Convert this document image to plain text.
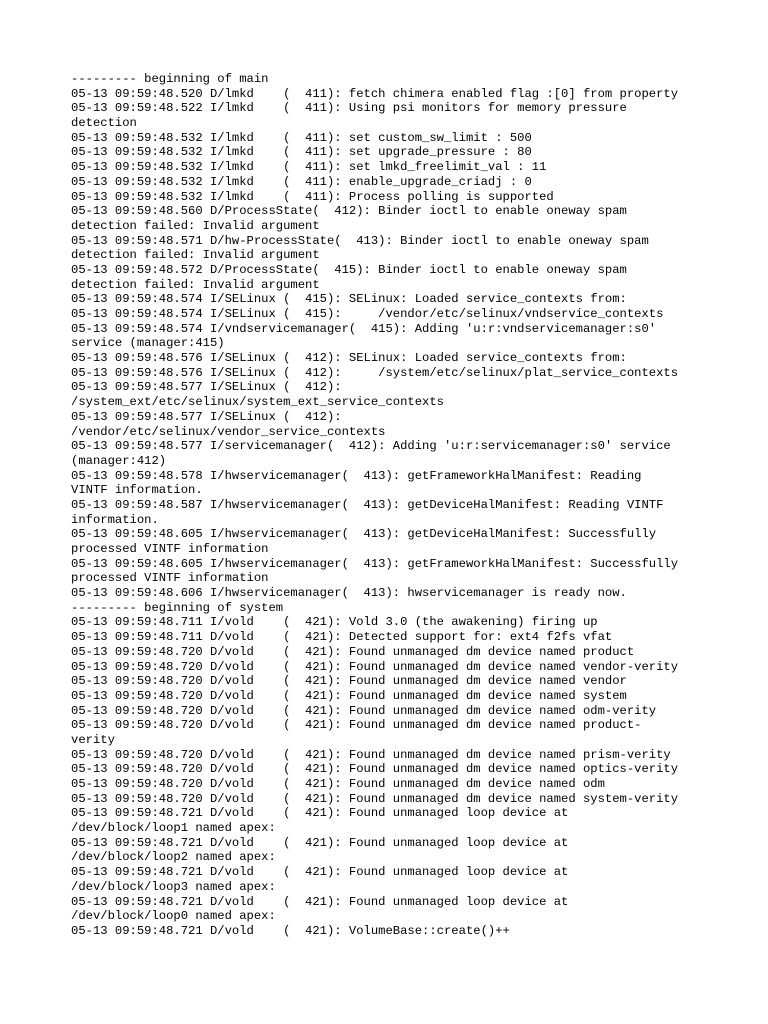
--------- beginning of main
05-13 09:59:48.520 D/lmkd    (  411): fetch chimera enabled flag :[0] from property
05-13 09:59:48.522 I/lmkd    (  411): Using psi monitors for memory pressure
detection
05-13 09:59:48.532 I/lmkd    (  411): set custom_sw_limit : 500
05-13 09:59:48.532 I/lmkd    (  411): set upgrade_pressure : 80
05-13 09:59:48.532 I/lmkd    (  411): set lmkd_freelimit_val : 11
05-13 09:59:48.532 I/lmkd    (  411): enable_upgrade_criadj : 0
05-13 09:59:48.532 I/lmkd    (  411): Process polling is supported
05-13 09:59:48.560 D/ProcessState(  412): Binder ioctl to enable oneway spam
detection failed: Invalid argument
05-13 09:59:48.571 D/hw-ProcessState(  413): Binder ioctl to enable oneway spam
detection failed: Invalid argument
05-13 09:59:48.572 D/ProcessState(  415): Binder ioctl to enable oneway spam
detection failed: Invalid argument
05-13 09:59:48.574 I/SELinux (  415): SELinux: Loaded service_contexts from:
05-13 09:59:48.574 I/SELinux (  415):     /vendor/etc/selinux/vndservice_contexts
05-13 09:59:48.574 I/vndservicemanager(  415): Adding 'u:r:vndservicemanager:s0'
service (manager:415)
05-13 09:59:48.576 I/SELinux (  412): SELinux: Loaded service_contexts from:
05-13 09:59:48.576 I/SELinux (  412):     /system/etc/selinux/plat_service_contexts
05-13 09:59:48.577 I/SELinux (  412):
/system_ext/etc/selinux/system_ext_service_contexts
05-13 09:59:48.577 I/SELinux (  412):
/vendor/etc/selinux/vendor_service_contexts
05-13 09:59:48.577 I/servicemanager(  412): Adding 'u:r:servicemanager:s0' service
(manager:412)
05-13 09:59:48.578 I/hwservicemanager(  413): getFrameworkHalManifest: Reading
VINTF information.
05-13 09:59:48.587 I/hwservicemanager(  413): getDeviceHalManifest: Reading VINTF
information.
05-13 09:59:48.605 I/hwservicemanager(  413): getDeviceHalManifest: Successfully
processed VINTF information
05-13 09:59:48.605 I/hwservicemanager(  413): getFrameworkHalManifest: Successfully
processed VINTF information
05-13 09:59:48.606 I/hwservicemanager(  413): hwservicemanager is ready now.
--------- beginning of system
05-13 09:59:48.711 I/vold    (  421): Vold 3.0 (the awakening) firing up
05-13 09:59:48.711 D/vold    (  421): Detected support for: ext4 f2fs vfat
05-13 09:59:48.720 D/vold    (  421): Found unmanaged dm device named product
05-13 09:59:48.720 D/vold    (  421): Found unmanaged dm device named vendor-verity
05-13 09:59:48.720 D/vold    (  421): Found unmanaged dm device named vendor
05-13 09:59:48.720 D/vold    (  421): Found unmanaged dm device named system
05-13 09:59:48.720 D/vold    (  421): Found unmanaged dm device named odm-verity
05-13 09:59:48.720 D/vold    (  421): Found unmanaged dm device named product-
verity
05-13 09:59:48.720 D/vold    (  421): Found unmanaged dm device named prism-verity
05-13 09:59:48.720 D/vold    (  421): Found unmanaged dm device named optics-verity
05-13 09:59:48.720 D/vold    (  421): Found unmanaged dm device named odm
05-13 09:59:48.720 D/vold    (  421): Found unmanaged dm device named system-verity
05-13 09:59:48.721 D/vold    (  421): Found unmanaged loop device at
/dev/block/loop1 named apex:
05-13 09:59:48.721 D/vold    (  421): Found unmanaged loop device at
/dev/block/loop2 named apex:
05-13 09:59:48.721 D/vold    (  421): Found unmanaged loop device at
/dev/block/loop3 named apex:
05-13 09:59:48.721 D/vold    (  421): Found unmanaged loop device at
/dev/block/loop0 named apex:
05-13 09:59:48.721 D/vold    (  421): VolumeBase::create()++
